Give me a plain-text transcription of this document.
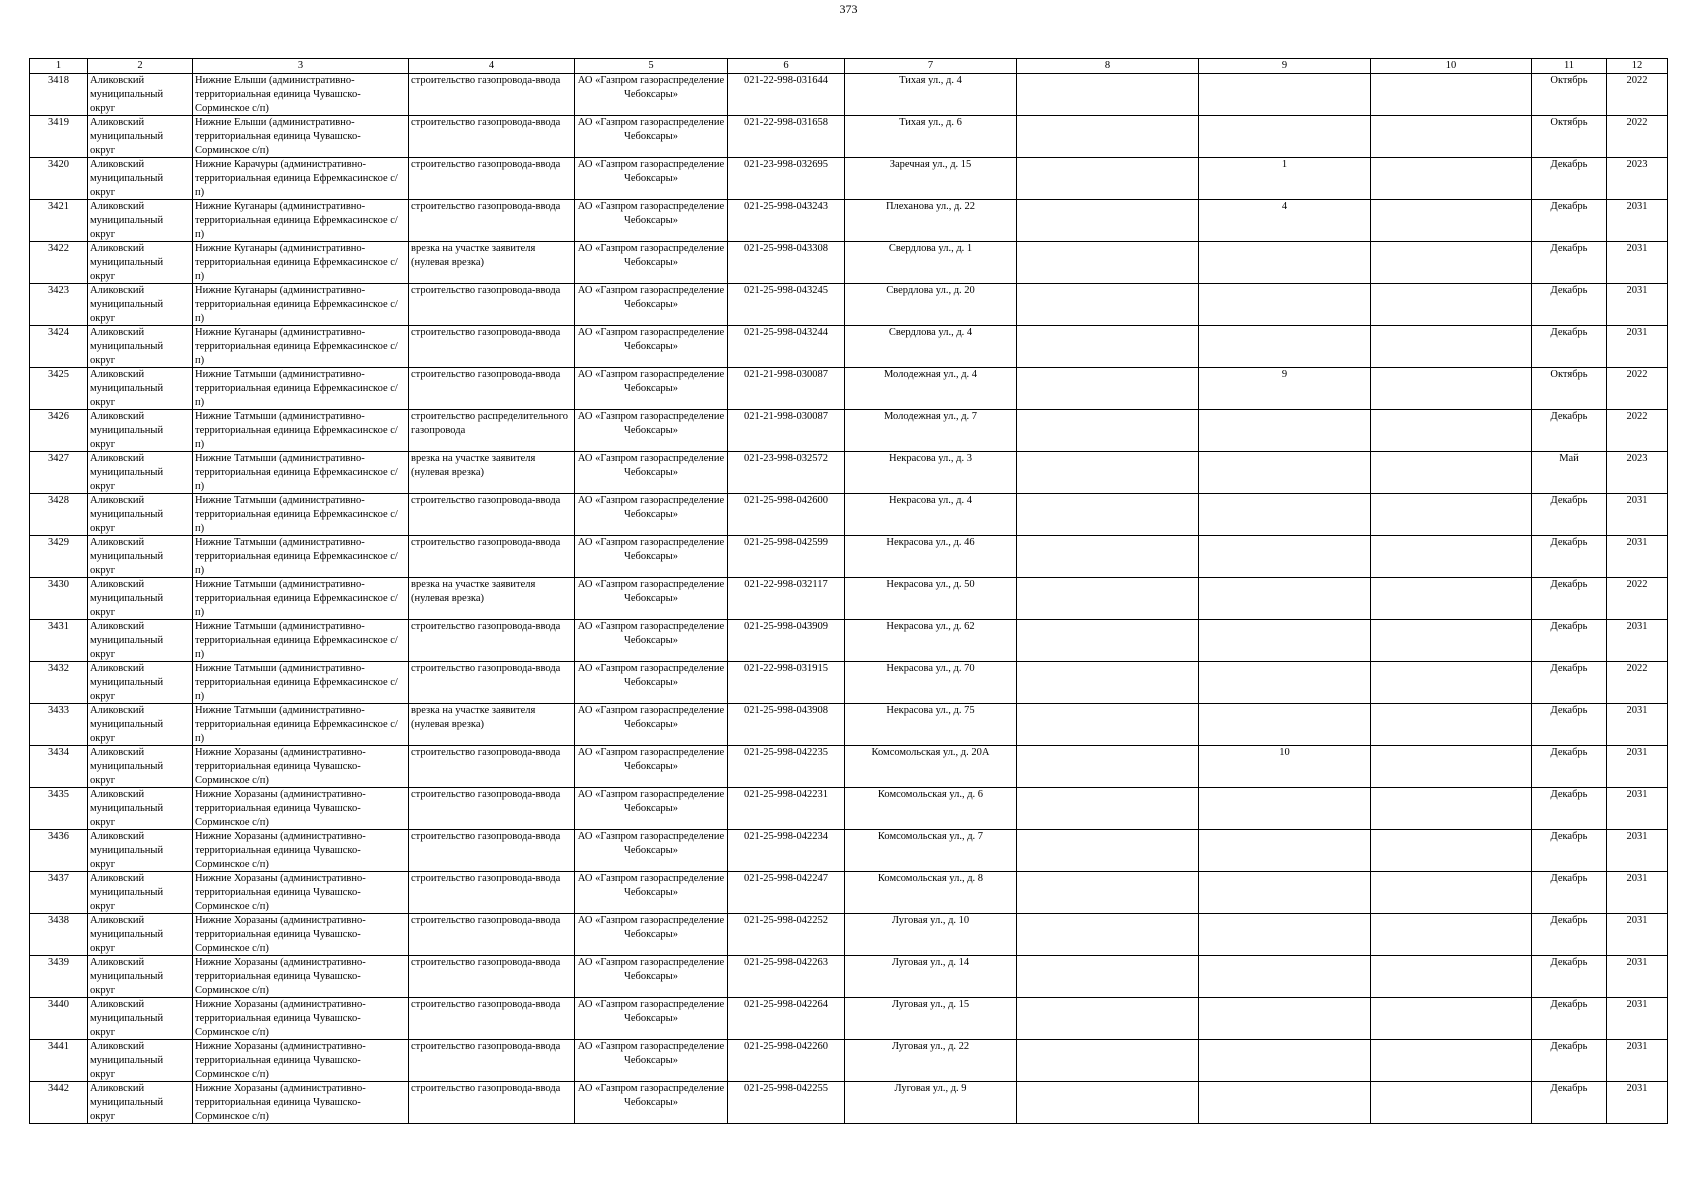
373
1	2	3	4	5	6	7	8	9	10	11	12

3418	Аликовский муниципальный округ	Нижние Елыши (административно-территориальная единица Чувашско-Сорминское с/п)	строительство газопровода-ввода	АО «Газпром газораспределение Чебоксары»	021-22-998-031644	Тихая ул., д. 4				Октябрь	2022

3419	Аликовский муниципальный округ	Нижние Елыши (административно-территориальная единица Чувашско-Сорминское с/п)	строительство газопровода-ввода	АО «Газпром газораспределение Чебоксары»	021-22-998-031658	Тихая ул., д. 6				Октябрь	2022

3420	Аликовский муниципальный округ	Нижние Карачуры (административно-территориальная единица Ефремкасинское с/п)	строительство газопровода-ввода	АО «Газпром газораспределение Чебоксары»	021-23-998-032695	Заречная ул., д. 15		1		Декабрь	2023

3421	Аликовский муниципальный округ	Нижние Куганары (административно-территориальная единица Ефремкасинское с/п)	строительство газопровода-ввода	АО «Газпром газораспределение Чебоксары»	021-25-998-043243	Плеханова ул., д. 22		4		Декабрь	2031

3422	Аликовский муниципальный округ	Нижние Куганары (административно-территориальная единица Ефремкасинское с/п)	врезка на участке заявителя (нулевая врезка)	АО «Газпром газораспределение Чебоксары»	021-25-998-043308	Свердлова ул., д. 1				Декабрь	2031

3423	Аликовский муниципальный округ	Нижние Куганары (административно-территориальная единица Ефремкасинское с/п)	строительство газопровода-ввода	АО «Газпром газораспределение Чебоксары»	021-25-998-043245	Свердлова ул., д. 20				Декабрь	2031

3424	Аликовский муниципальный округ	Нижние Куганары (административно-территориальная единица Ефремкасинское с/п)	строительство газопровода-ввода	АО «Газпром газораспределение Чебоксары»	021-25-998-043244	Свердлова ул., д. 4				Декабрь	2031

3425	Аликовский муниципальный округ	Нижние Татмыши (административно-территориальная единица Ефремкасинское с/п)	строительство газопровода-ввода	АО «Газпром газораспределение Чебоксары»	021-21-998-030087	Молодежная ул., д. 4		9		Октябрь	2022

3426	Аликовский муниципальный округ	Нижние Татмыши (административно-территориальная единица Ефремкасинское с/п)	строительство распределительного газопровода	АО «Газпром газораспределение Чебоксары»	021-21-998-030087	Молодежная ул., д. 7				Декабрь	2022

3427	Аликовский муниципальный округ	Нижние Татмыши (административно-территориальная единица Ефремкасинское с/п)	врезка на участке заявителя (нулевая врезка)	АО «Газпром газораспределение Чебоксары»	021-23-998-032572	Некрасова ул., д. 3				Май	2023

3428	Аликовский муниципальный округ	Нижние Татмыши (административно-территориальная единица Ефремкасинское с/п)	строительство газопровода-ввода	АО «Газпром газораспределение Чебоксары»	021-25-998-042600	Некрасова ул., д. 4				Декабрь	2031

3429	Аликовский муниципальный округ	Нижние Татмыши (административно-территориальная единица Ефремкасинское с/п)	строительство газопровода-ввода	АО «Газпром газораспределение Чебоксары»	021-25-998-042599	Некрасова ул., д. 46				Декабрь	2031

3430	Аликовский муниципальный округ	Нижние Татмыши (административно-территориальная единица Ефремкасинское с/п)	врезка на участке заявителя (нулевая врезка)	АО «Газпром газораспределение Чебоксары»	021-22-998-032117	Некрасова ул., д. 50				Декабрь	2022

3431	Аликовский муниципальный округ	Нижние Татмыши (административно-территориальная единица Ефремкасинское с/п)	строительство газопровода-ввода	АО «Газпром газораспределение Чебоксары»	021-25-998-043909	Некрасова ул., д. 62				Декабрь	2031

3432	Аликовский муниципальный округ	Нижние Татмыши (административно-территориальная единица Ефремкасинское с/п)	строительство газопровода-ввода	АО «Газпром газораспределение Чебоксары»	021-22-998-031915	Некрасова ул., д. 70				Декабрь	2022

3433	Аликовский муниципальный округ	Нижние Татмыши (административно-территориальная единица Ефремкасинское с/п)	врезка на участке заявителя (нулевая врезка)	АО «Газпром газораспределение Чебоксары»	021-25-998-043908	Некрасова ул., д. 75				Декабрь	2031

3434	Аликовский муниципальный округ	Нижние Хоразаны (административно-территориальная единица Чувашско-Сорминское с/п)	строительство газопровода-ввода	АО «Газпром газораспределение Чебоксары»	021-25-998-042235	Комсомольская ул., д. 20А		10		Декабрь	2031

3435	Аликовский муниципальный округ	Нижние Хоразаны (административно-территориальная единица Чувашско-Сорминское с/п)	строительство газопровода-ввода	АО «Газпром газораспределение Чебоксары»	021-25-998-042231	Комсомольская ул., д. 6				Декабрь	2031

3436	Аликовский муниципальный округ	Нижние Хоразаны (административно-территориальная единица Чувашско-Сорминское с/п)	строительство газопровода-ввода	АО «Газпром газораспределение Чебоксары»	021-25-998-042234	Комсомольская ул., д. 7				Декабрь	2031

3437	Аликовский муниципальный округ	Нижние Хоразаны (административно-территориальная единица Чувашско-Сорминское с/п)	строительство газопровода-ввода	АО «Газпром газораспределение Чебоксары»	021-25-998-042247	Комсомольская ул., д. 8				Декабрь	2031

3438	Аликовский муниципальный округ	Нижние Хоразаны (административно-территориальная единица Чувашско-Сорминское с/п)	строительство газопровода-ввода	АО «Газпром газораспределение Чебоксары»	021-25-998-042252	Луговая ул., д. 10				Декабрь	2031

3439	Аликовский муниципальный округ	Нижние Хоразаны (административно-территориальная единица Чувашско-Сорминское с/п)	строительство газопровода-ввода	АО «Газпром газораспределение Чебоксары»	021-25-998-042263	Луговая ул., д. 14				Декабрь	2031

3440	Аликовский муниципальный округ	Нижние Хоразаны (административно-территориальная единица Чувашско-Сорминское с/п)	строительство газопровода-ввода	АО «Газпром газораспределение Чебоксары»	021-25-998-042264	Луговая ул., д. 15				Декабрь	2031

3441	Аликовский муниципальный округ	Нижние Хоразаны (административно-территориальная единица Чувашско-Сорминское с/п)	строительство газопровода-ввода	АО «Газпром газораспределение Чебоксары»	021-25-998-042260	Луговая ул., д. 22				Декабрь	2031

3442	Аликовский муниципальный округ	Нижние Хоразаны (административно-территориальная единица Чувашско-Сорминское с/п)	строительство газопровода-ввода	АО «Газпром газораспределение Чебоксары»	021-25-998-042255	Луговая ул., д. 9				Декабрь	2031
